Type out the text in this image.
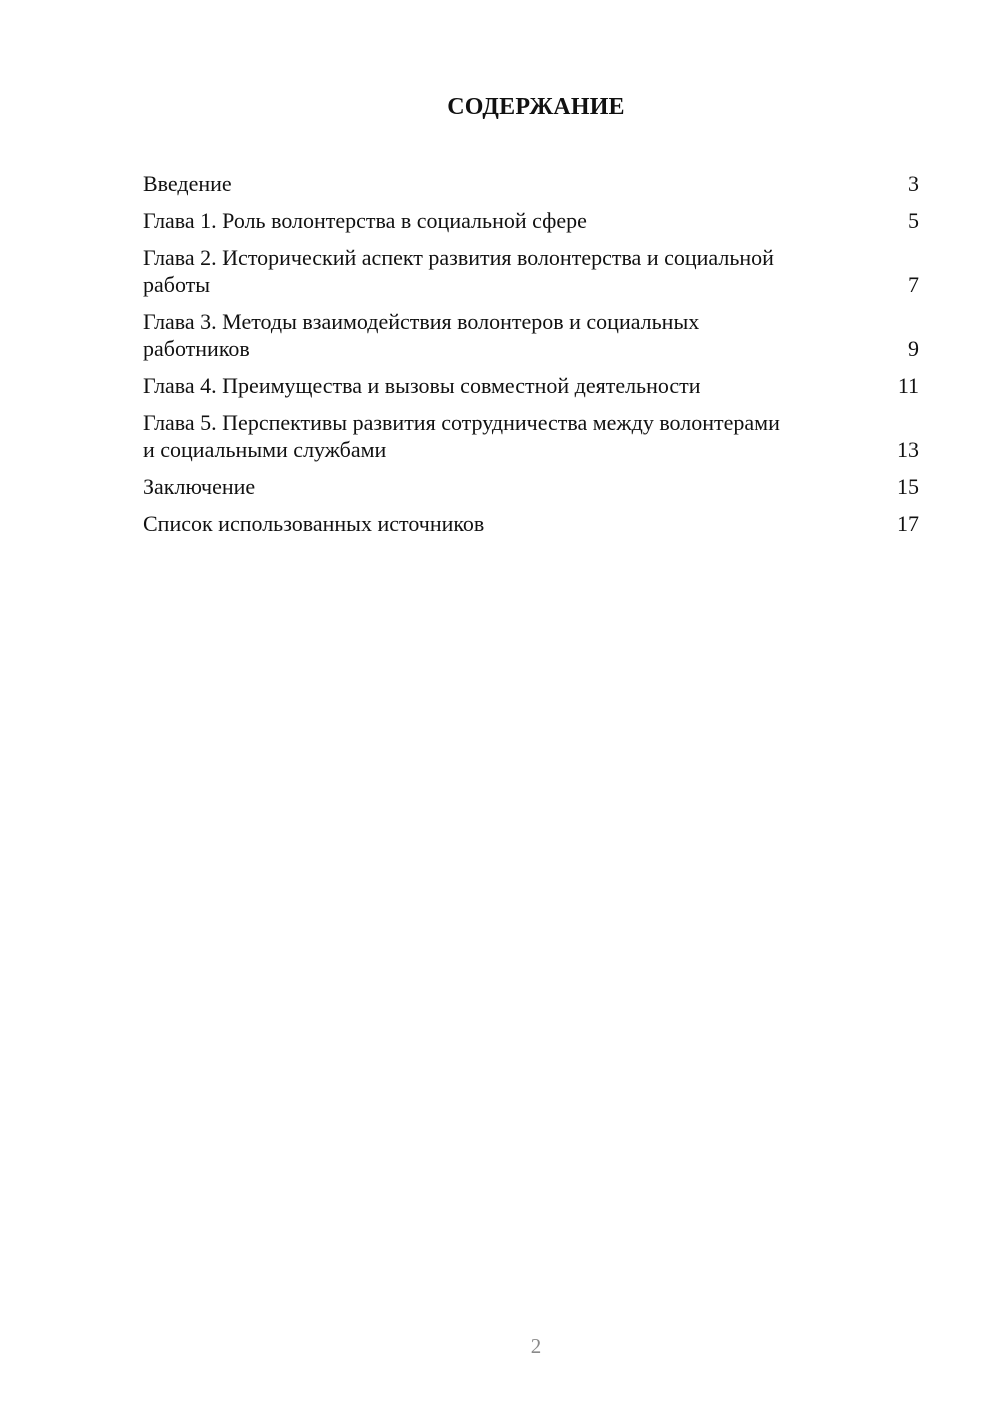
СОДЕРЖАНИЕ
Введение	3
Глава 1. Роль волонтерства в социальной сфере	5
Глава 2. Исторический аспект развития волонтерства и социальной работы	7
Глава 3. Методы взаимодействия волонтеров и социальных работников	9
Глава 4. Преимущества и вызовы совместной деятельности	11
Глава 5. Перспективы развития сотрудничества между волонтерами и социальными службами	13
Заключение	15
Список использованных источников	17
2
